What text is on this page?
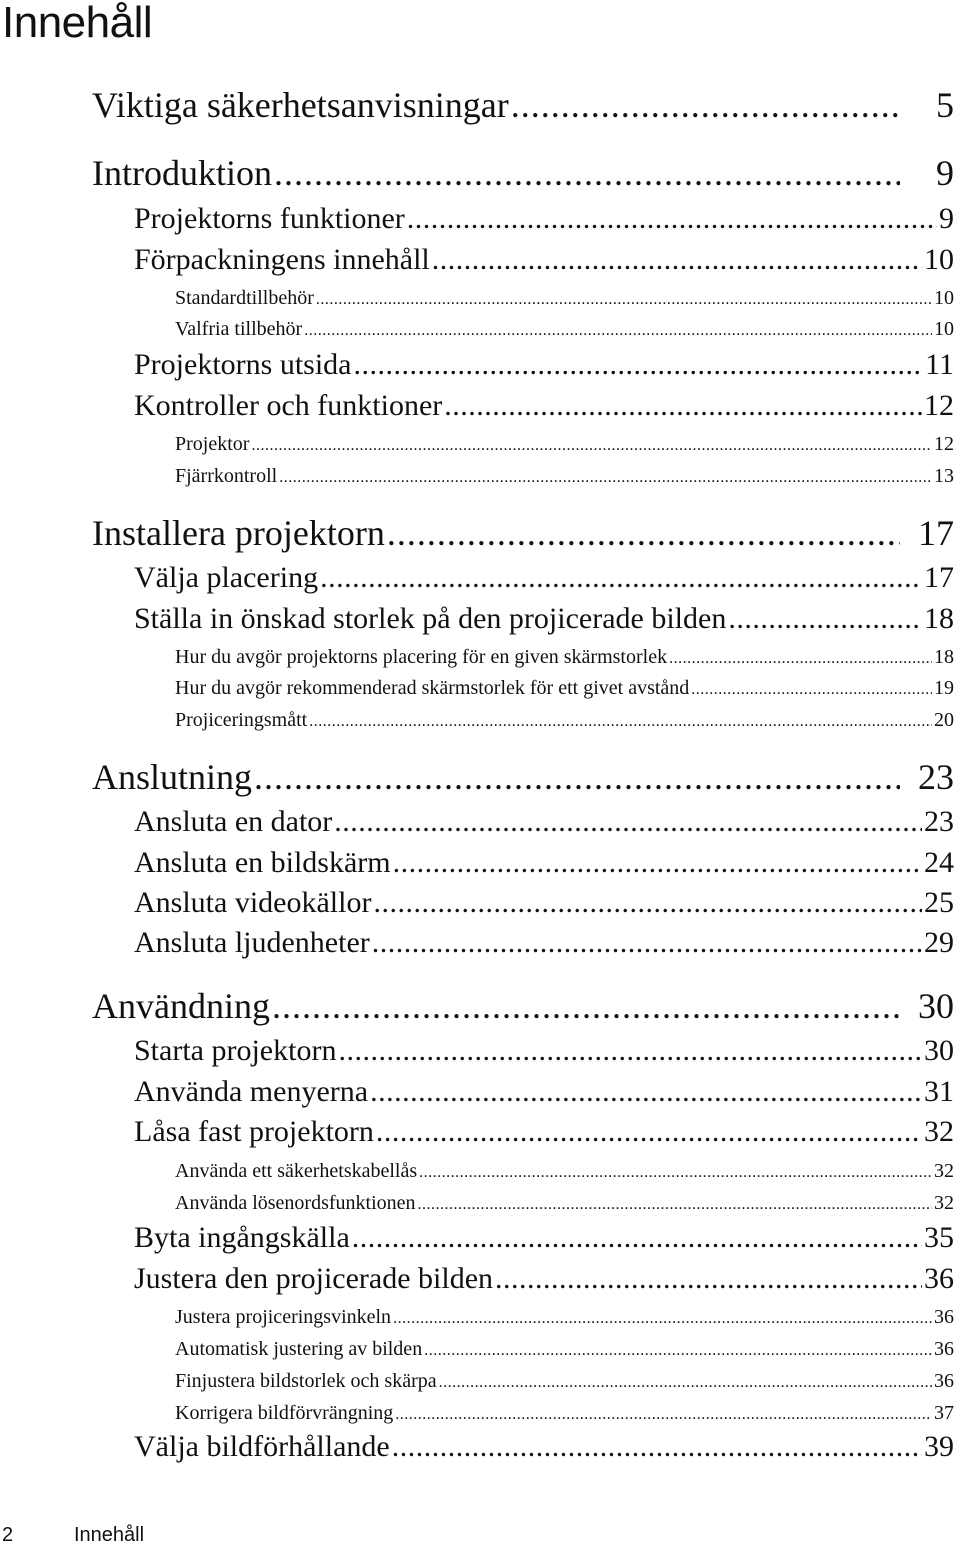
Innehåll
Viktiga säkerhetsanvisningar .....	5
Introduktion .....	9
Projektorns funktioner .....	9
Förpackningens innehåll .....	10
Standardtillbehör .....	10
Valfria tillbehör .....	10
Projektorns utsida .....	11
Kontroller och funktioner .....	12
Projektor .....	12
Fjärrkontroll .....	13
Installera projektorn .....	17
Välja placering .....	17
Ställa in önskad storlek på den projicerade bilden .....	18
Hur du avgör projektorns placering för en given skärmstorlek .....	18
Hur du avgör rekommenderad skärmstorlek för ett givet avstånd .....	19
Projiceringsmått .....	20
Anslutning .....	23
Ansluta en dator .....	23
Ansluta en bildskärm .....	24
Ansluta videokällor .....	25
Ansluta ljudenheter .....	29
Användning .....	30
Starta projektorn .....	30
Använda menyerna .....	31
Låsa fast projektorn .....	32
Använda ett säkerhetskabellås .....	32
Använda lösenordsfunktionen .....	32
Byta ingångskälla .....	35
Justera den projicerade bilden .....	36
Justera projiceringsvinkeln .....	36
Automatisk justering av bilden .....	36
Finjustera bildstorlek och skärpa .....	36
Korrigera bildförvrängning .....	37
Välja bildförhållande .....	39
2	Innehåll
